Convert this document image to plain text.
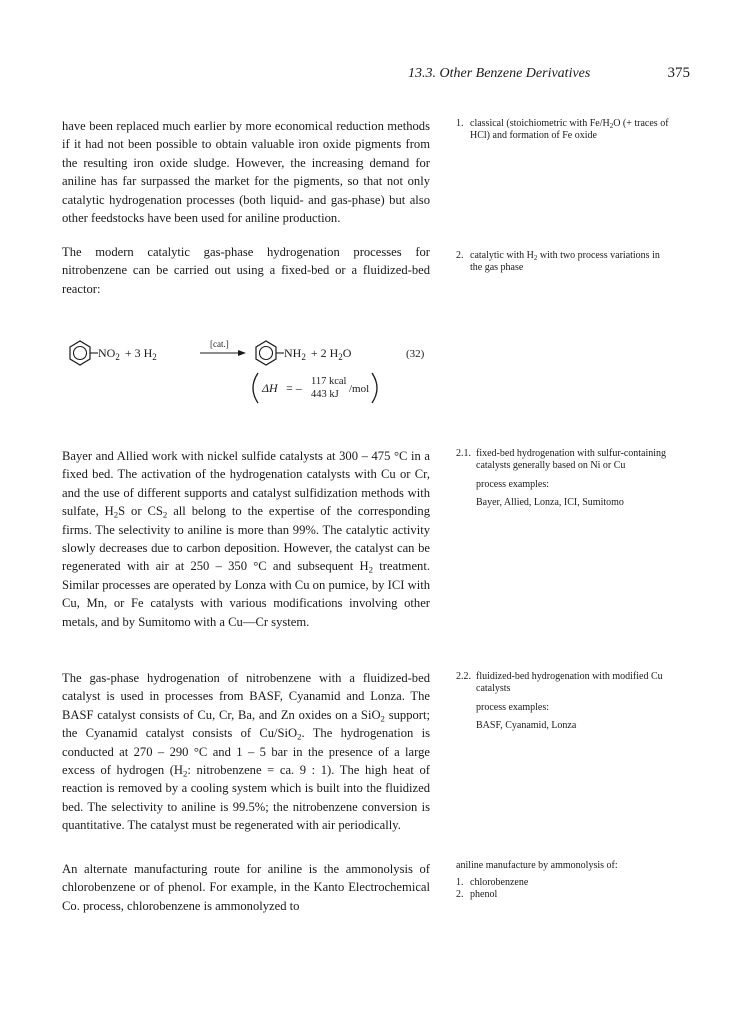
13.3. Other Benzene Derivatives	375

have been replaced much earlier by more economical reduction methods if it had not been possible to obtain valuable iron oxide pigments from the resulting iron oxide sludge. However, the increasing demand for aniline has far surpassed the market for the pigments, so that not only catalytic hydrogenation processes (both liquid- and gas-phase) but also other feedstocks have been used for aniline production.

The modern catalytic gas-phase hydrogenation processes for nitrobenzene can be carried out using a fixed-bed or a fluidized-bed reactor:

$NO_2 + 3$ $H_2$
[cat.]
$NH_2 + 2$ $H_2O$	(32)
ΔH = – 117 kcal
443 kJ /mol

Bayer and Allied work with nickel sulfide catalysts at 300 – 475 °C in a fixed bed. The activation of the hydrogenation catalysts with Cu or Cr, and the use of different supports and catalyst sulfidization methods with sulfate, $H_2S$ or $CS_2$ all belong to the expertise of the corresponding firms. The selectivity to aniline is more than 99%. The catalytic activity slowly decreases due to carbon deposition. However, the catalyst can be regenerated with air at 250 – 350 °C and subsequent $H_2$ treatment. Similar processes are operated by Lonza with Cu on pumice, by ICI with Cu, Mn, or Fe catalysts with various modifications involving other metals, and by Sumitomo with a Cu—Cr system.

The gas-phase hydrogenation of nitrobenzene with a fluidized-bed catalyst is used in processes from BASF, Cyanamid and Lonza. The BASF catalyst consists of Cu, Cr, Ba, and Zn oxides on a SiO$_2$ support; the Cyanamid catalyst consists of Cu/SiO$_2$. The hydrogenation is conducted at 270 – 290 °C and 1 – 5 bar in the presence of a large excess of hydrogen ($H_2$: nitrobenzene = ca. 9 : 1). The high heat of reaction is removed by a cooling system which is built into the fluidized bed. The selectivity to aniline is 99.5%; the nitrobenzene conversion is quantitative. The catalyst must be regenerated with air periodically.

An alternate manufacturing route for aniline is the ammonolysis of chlorobenzene or of phenol. For example, in the Kanto Electrochemical Co. process, chlorobenzene is ammonolyzed to

1. classical (stoichiometric with $Fe/H_2O$ (+ traces of HCl) and formation of Fe oxide
2. catalytic with $H_2$ with two process variations in the gas phase
2.1. fixed-bed hydrogenation with sulfur-containing catalysts generally based on Ni or Cu
process examples:
Bayer, Allied, Lonza, ICI, Sumitomo
2.2. fluidized-bed hydrogenation with modified Cu catalysts
process examples:
BASF, Cyanamid, Lonza
aniline manufacture by ammonolysis of:
1. chlorobenzene
2. phenol
